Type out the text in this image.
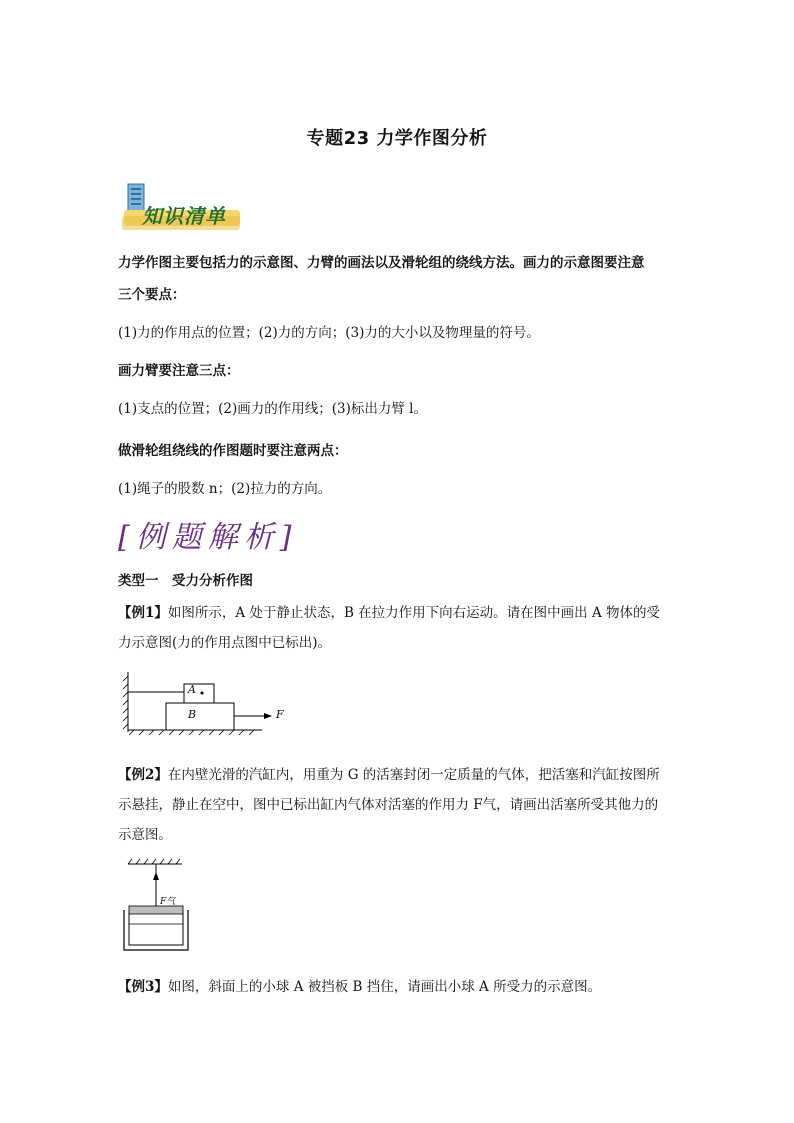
专题23 力学作图分析
知识清单
力学作图主要包括力的示意图、力臂的画法以及滑轮组的绕线方法。画力的示意图要注意
三个要点：
(1)力的作用点的位置；(2)力的方向；(3)力的大小以及物理量的符号。
画力臂要注意三点：
(1)支点的位置；(2)画力的作用线；(3)标出力臂 l。
做滑轮组绕线的作图题时要注意两点：
(1)绳子的股数 n；(2)拉力的方向。
[例题解析]
类型一　受力分析作图
【例1】如图所示，A 处于静止状态，B 在拉力作用下向右运动。请在图中画出 A 物体的受
力示意图(力的作用点图中已标出)。
A
B	F
【例2】在内壁光滑的汽缸内，用重为 G 的活塞封闭一定质量的气体，把活塞和汽缸按图所
示悬挂，静止在空中，图中已标出缸内气体对活塞的作用力 F气，请画出活塞所受其他力的
示意图。
F气
【例3】如图，斜面上的小球 A 被挡板 B 挡住，请画出小球 A 所受力的示意图。
